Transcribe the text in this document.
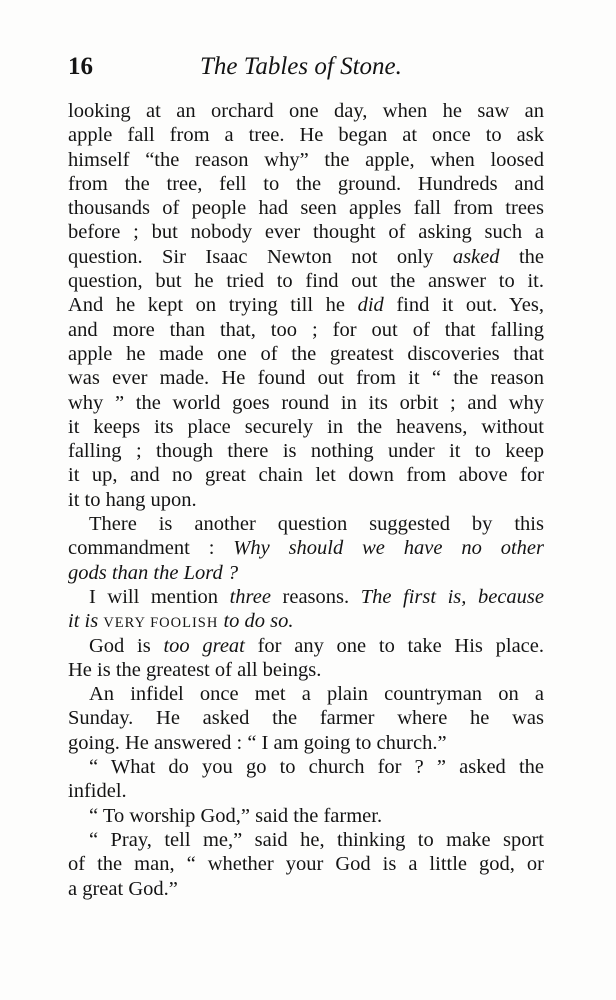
16	The Tables of Stone.
looking at an orchard one day, when he saw an
apple fall from a tree. He began at once to ask
himself “the reason why” the apple, when loosed
from the tree, fell to the ground. Hundreds and
thousands of people had seen apples fall from trees
before ; but nobody ever thought of asking such a
question. Sir Isaac Newton not only asked the
question, but he tried to find out the answer to it.
And he kept on trying till he did find it out. Yes,
and more than that, too ; for out of that falling
apple he made one of the greatest discoveries that
was ever made. He found out from it “ the reason
why ” the world goes round in its orbit ; and why
it keeps its place securely in the heavens, without
falling ; though there is nothing under it to keep
it up, and no great chain let down from above for
it to hang upon.
There is another question suggested by this
commandment : Why should we have no other
gods than the Lord ?
I will mention three reasons. The first is, because
it is VERY FOOLISH to do so.
God is too great for any one to take His place.
He is the greatest of all beings.
An infidel once met a plain countryman on a
Sunday. He asked the farmer where he was
going. He answered : “ I am going to church.”
“ What do you go to church for ? ” asked the
infidel.
“ To worship God,” said the farmer.
“ Pray, tell me,” said he, thinking to make sport
of the man, “ whether your God is a little god, or
a great God.”
